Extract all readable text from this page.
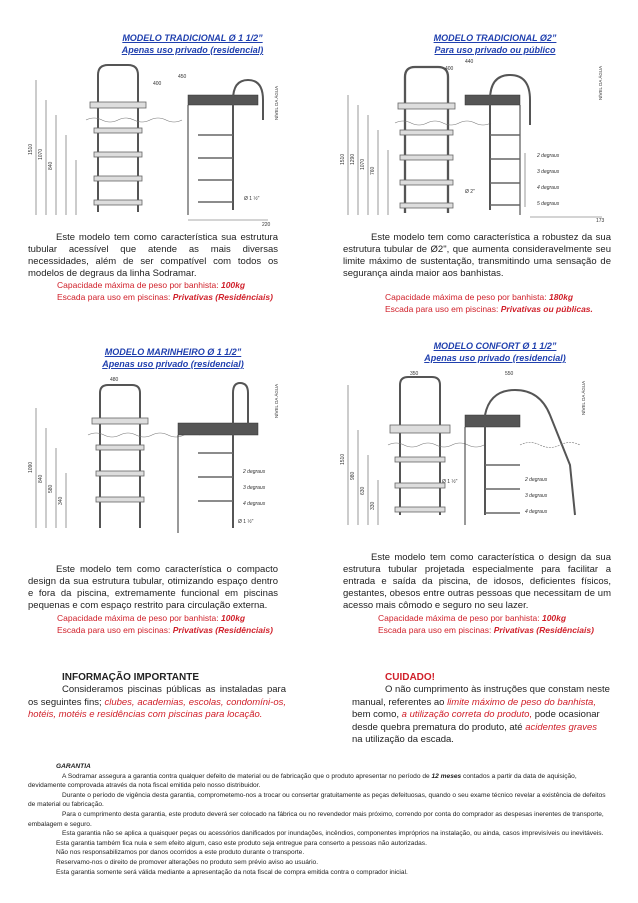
MODELO TRADICIONAL Ø 1 1/2”
Apenas uso privado (residencial)
1510 1070
840
400
450
Ø 1 ½"
NÍVEL DA ÁGUA
220
Este modelo tem como característica sua estrutura tubular acessível que atende as mais diversas necessidades, além de ser compatível com todos os modelos de degraus da linha Sodramar.
Capacidade máxima de peso por banhista: 100kg
Escada para uso em piscinas: Privativas (Residênciais)
MODELO TRADICIONAL Ø2”
Para uso privado ou público
1510 1290 1070
760
400
440
2 degraus
3 degraus
4 degraus
5 degraus
Ø 2"
NÍVEL DA ÁGUA
173
Este modelo tem como característica a robustez da sua estrutura tubular de Ø2", que aumenta consideravelmente seu limite máximo de sustentação, transmitindo uma sensação de segurança ainda maior aos banhistas.
Capacidade máxima de peso por banhista: 180kg
Escada para uso em piscinas: Privativas ou públicas.
MODELO MARINHEIRO Ø 1 1/2”
Apenas uso privado (residencial)
1090
840
580
340
480
2 degraus
3 degraus
4 degraus
Ø 1 ½"
NÍVEL DA ÁGUA
Este modelo tem como característica o compacto design da sua estrutura tubular, otimizando espaço dentro e fora da piscina, extremamente funcional em piscinas pequenas e com espaço restrito para circulação externa.
Capacidade máxima de peso por banhista: 100kg
Escada para uso em piscinas: Privativas (Residênciais)
MODELO CONFORT Ø 1 1/2”
Apenas uso privado (residencial)
1510
980
630
330
350	550
2 degraus
3 degraus
4 degraus
Ø 1 ½"
NÍVEL DA ÁGUA
Este modelo tem como característica o design da sua estrutura tubular projetada especialmente para facilitar a entrada e saída da piscina, de idosos, deficientes físicos, gestantes, obesos entre outras pessoas que necessitam de um acesso mais cômodo e seguro no seu lazer.
Capacidade máxima de peso por banhista: 100kg
Escada para uso em piscinas: Privativas (Residênciais)
INFORMAÇÃO IMPORTANTE
Consideramos piscinas públicas as instaladas para os seguintes fins; clubes, academias, escolas, condomíni-os, hotéis, motéis e residências com piscinas para locação.
CUIDADO!
O não cumprimento às instruções que constam neste manual, referentes ao limite máximo de peso do banhista, bem como, a utilização correta do produto, pode ocasionar desde quebra prematura do produto, até acidentes graves na utilização da escada.

GARANTIA

A Sodramar assegura a garantia contra qualquer defeito de material ou de fabricação que o produto apresentar no período de 12 meses contados a partir da data de aquisição, devidamente comprovada através da nota fiscal emitida pelo nosso distribuidor.

Durante o período de vigência desta garantia, comprometemo-nos a trocar ou consertar gratuitamente as peças defeituosas, quando o seu exame técnico revelar a existência de defeitos de material ou fabricação.

Para o cumprimento desta garantia, este produto deverá ser colocado na fábrica ou no revendedor mais próximo, correndo por conta do comprador as despesas inerentes de transporte, embalagem e seguro.

Esta garantia não se aplica a quaisquer peças ou acessórios danificados por inundações, incêndios, componentes impróprios na instalação, ou ainda, casos imprevisíveis ou inevitáveis.

Esta garantia também fica nula e sem efeito algum, caso este produto seja entregue para conserto a pessoas não autorizadas.

Não nos responsabilizamos por danos ocorridos a este produto durante o transporte.

Reservamo-nos o direito de promover alterações no produto sem prévio aviso ao usuário.

Esta garantia somente será válida mediante a apresentação da nota fiscal de compra emitida contra o comprador inicial.
